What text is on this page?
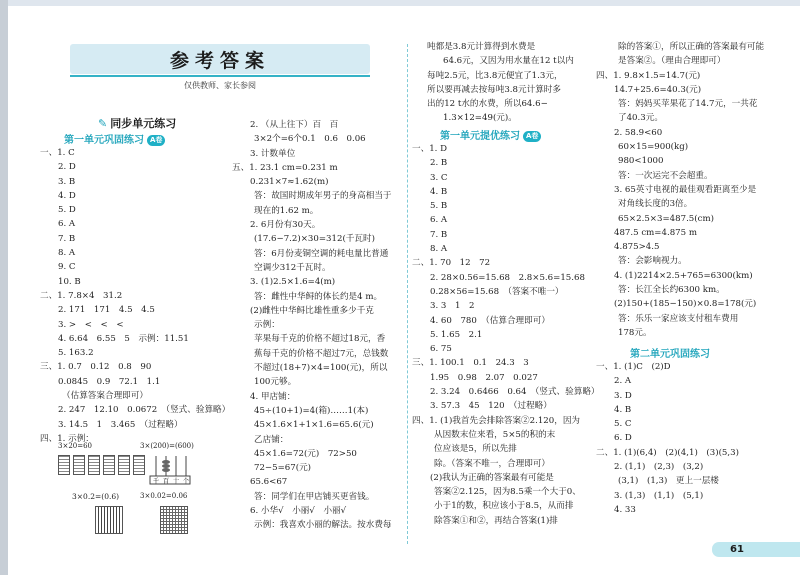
参考答案
仅供教师、家长参阅
✎ 同步单元练习
第一单元巩固练习 A卷
一、1. C
2. D
3. B
4. D
5. D
6. A
7. B
8. A
9. C
10. B
二、1. 7.8×4　31.2
2. 171　171　4.5　4.5
3. >　<　<　<
4. 6.64　6.55　5　示例：11.51
5. 163.2
三、1. 0.7　0.12　0.8　90
0.0845　0.9　72.1　1.1
（估算答案合理即可）
2. 247　12.10　0.0672　（竖式、验算略）
3. 14.5　1　3.465　（过程略）
四、1. 示例：
3×20=60	3×(200)=(600)
千 百 十 个
3×0.2=(0.6)	3×0.02=0.06
2. （从上往下）百　百
3×2个=6个0.1　0.6　0.06
3. 计数单位
五、1. 23.1 cm=0.231 m
0.231×7≈1.62(m)
答：故国时期成年男子的身高相当于
现在的1.62 m。
2. 6月份有30天。
(17.6−7.2)×30=312(千瓦时)
答：6月份麦铜空调的耗电量比普通
空调少312千瓦时。
3. (1)2.5×1.6=4(m)
答：雌性中华鲟的体长约是4 m。
(2)雌性中华鲟比雄性重多少千克
示例：
苹果每千克的价格不超过18元，香
蕉每千克的价格不超过7元，总钱数
不超过(18+7)×4=100(元)，所以
100元够。
4. 甲店铺：
45÷(10+1)=4(箱)……1(本)
45×1.6×1+1×1.6=65.6(元)
乙店铺：
45×1.6=72(元)　72>50
72−5=67(元)
65.6<67
答：同学们在甲店铺买更省钱。
6. 小华√　小丽√　小丽√
示例：我喜欢小丽的解法。按水费每
吨都是3.8元计算得到水费是
64.6元，又因为用水量在12 t以内
每吨2.5元，比3.8元便宜了1.3元，
所以要再减去按每吨3.8元计算时多
出的12 t水的水费，所以64.6−
1.3×12=49(元)。
第一单元提优练习 A卷
一、1. D
2. B
3. C
4. B
5. B
6. A
7. B
8. A
二、1. 70　12　72
2. 28×0.56=15.68　2.8×5.6=15.68
0.28×56=15.68　（答案不唯一）
3. 3　1　2
4. 60　780　（估算合理即可）
5. 1.65　2.1
6. 75
三、1. 100.1　0.1　24.3　3
1.95　0.98　2.07　0.027
2. 3.24　0.6466　0.64　（竖式、验算略）
3. 57.3　45　120　（过程略）
四、1. (1)我首先会排除答案②2.120，因为
从因数末位来看，5×5的积的末
位应该是5，所以先排
除。（答案不唯一，合理即可）
(2)我认为正确的答案最有可能是
答案②2.125，因为8.5乘一个大于0、
小于1的数，积应该小于8.5，从而排
除答案①和②，再结合答案(1)排
除的答案①，所以正确的答案最有可能
是答案②。（理由合理即可）
四、1. 9.8×1.5=14.7(元)
14.7+25.6=40.3(元)
答：妈妈买苹果花了14.7元，一共花
了40.3元。
2. 58.9<60
60×15=900(kg)
980<1000
答：一次运完不会超重。
3. 65英寸电视的最佳观看距离至少是
对角线长度的3倍。
65×2.5×3=487.5(cm)
487.5 cm=4.875 m
4.875>4.5
答：会影响视力。
4. (1)2214×2.5+765=6300(km)
答：长江全长约6300 km。
(2)150+(185−150)×0.8=178(元)
答：乐乐一家应该支付租车费用
178元。
第二单元巩固练习
一、1. (1)C　(2)D
2. A
3. D
4. B
5. C
6. D
二、1. (1)(6,4)　(2)(4,1)　(3)(5,3)
2. (1,1)　(2,3)　(3,2)
(3,1)　(1,3)　更上一层楼
3. (1,3)　(1,1)　(5,1)
4. 33
61
